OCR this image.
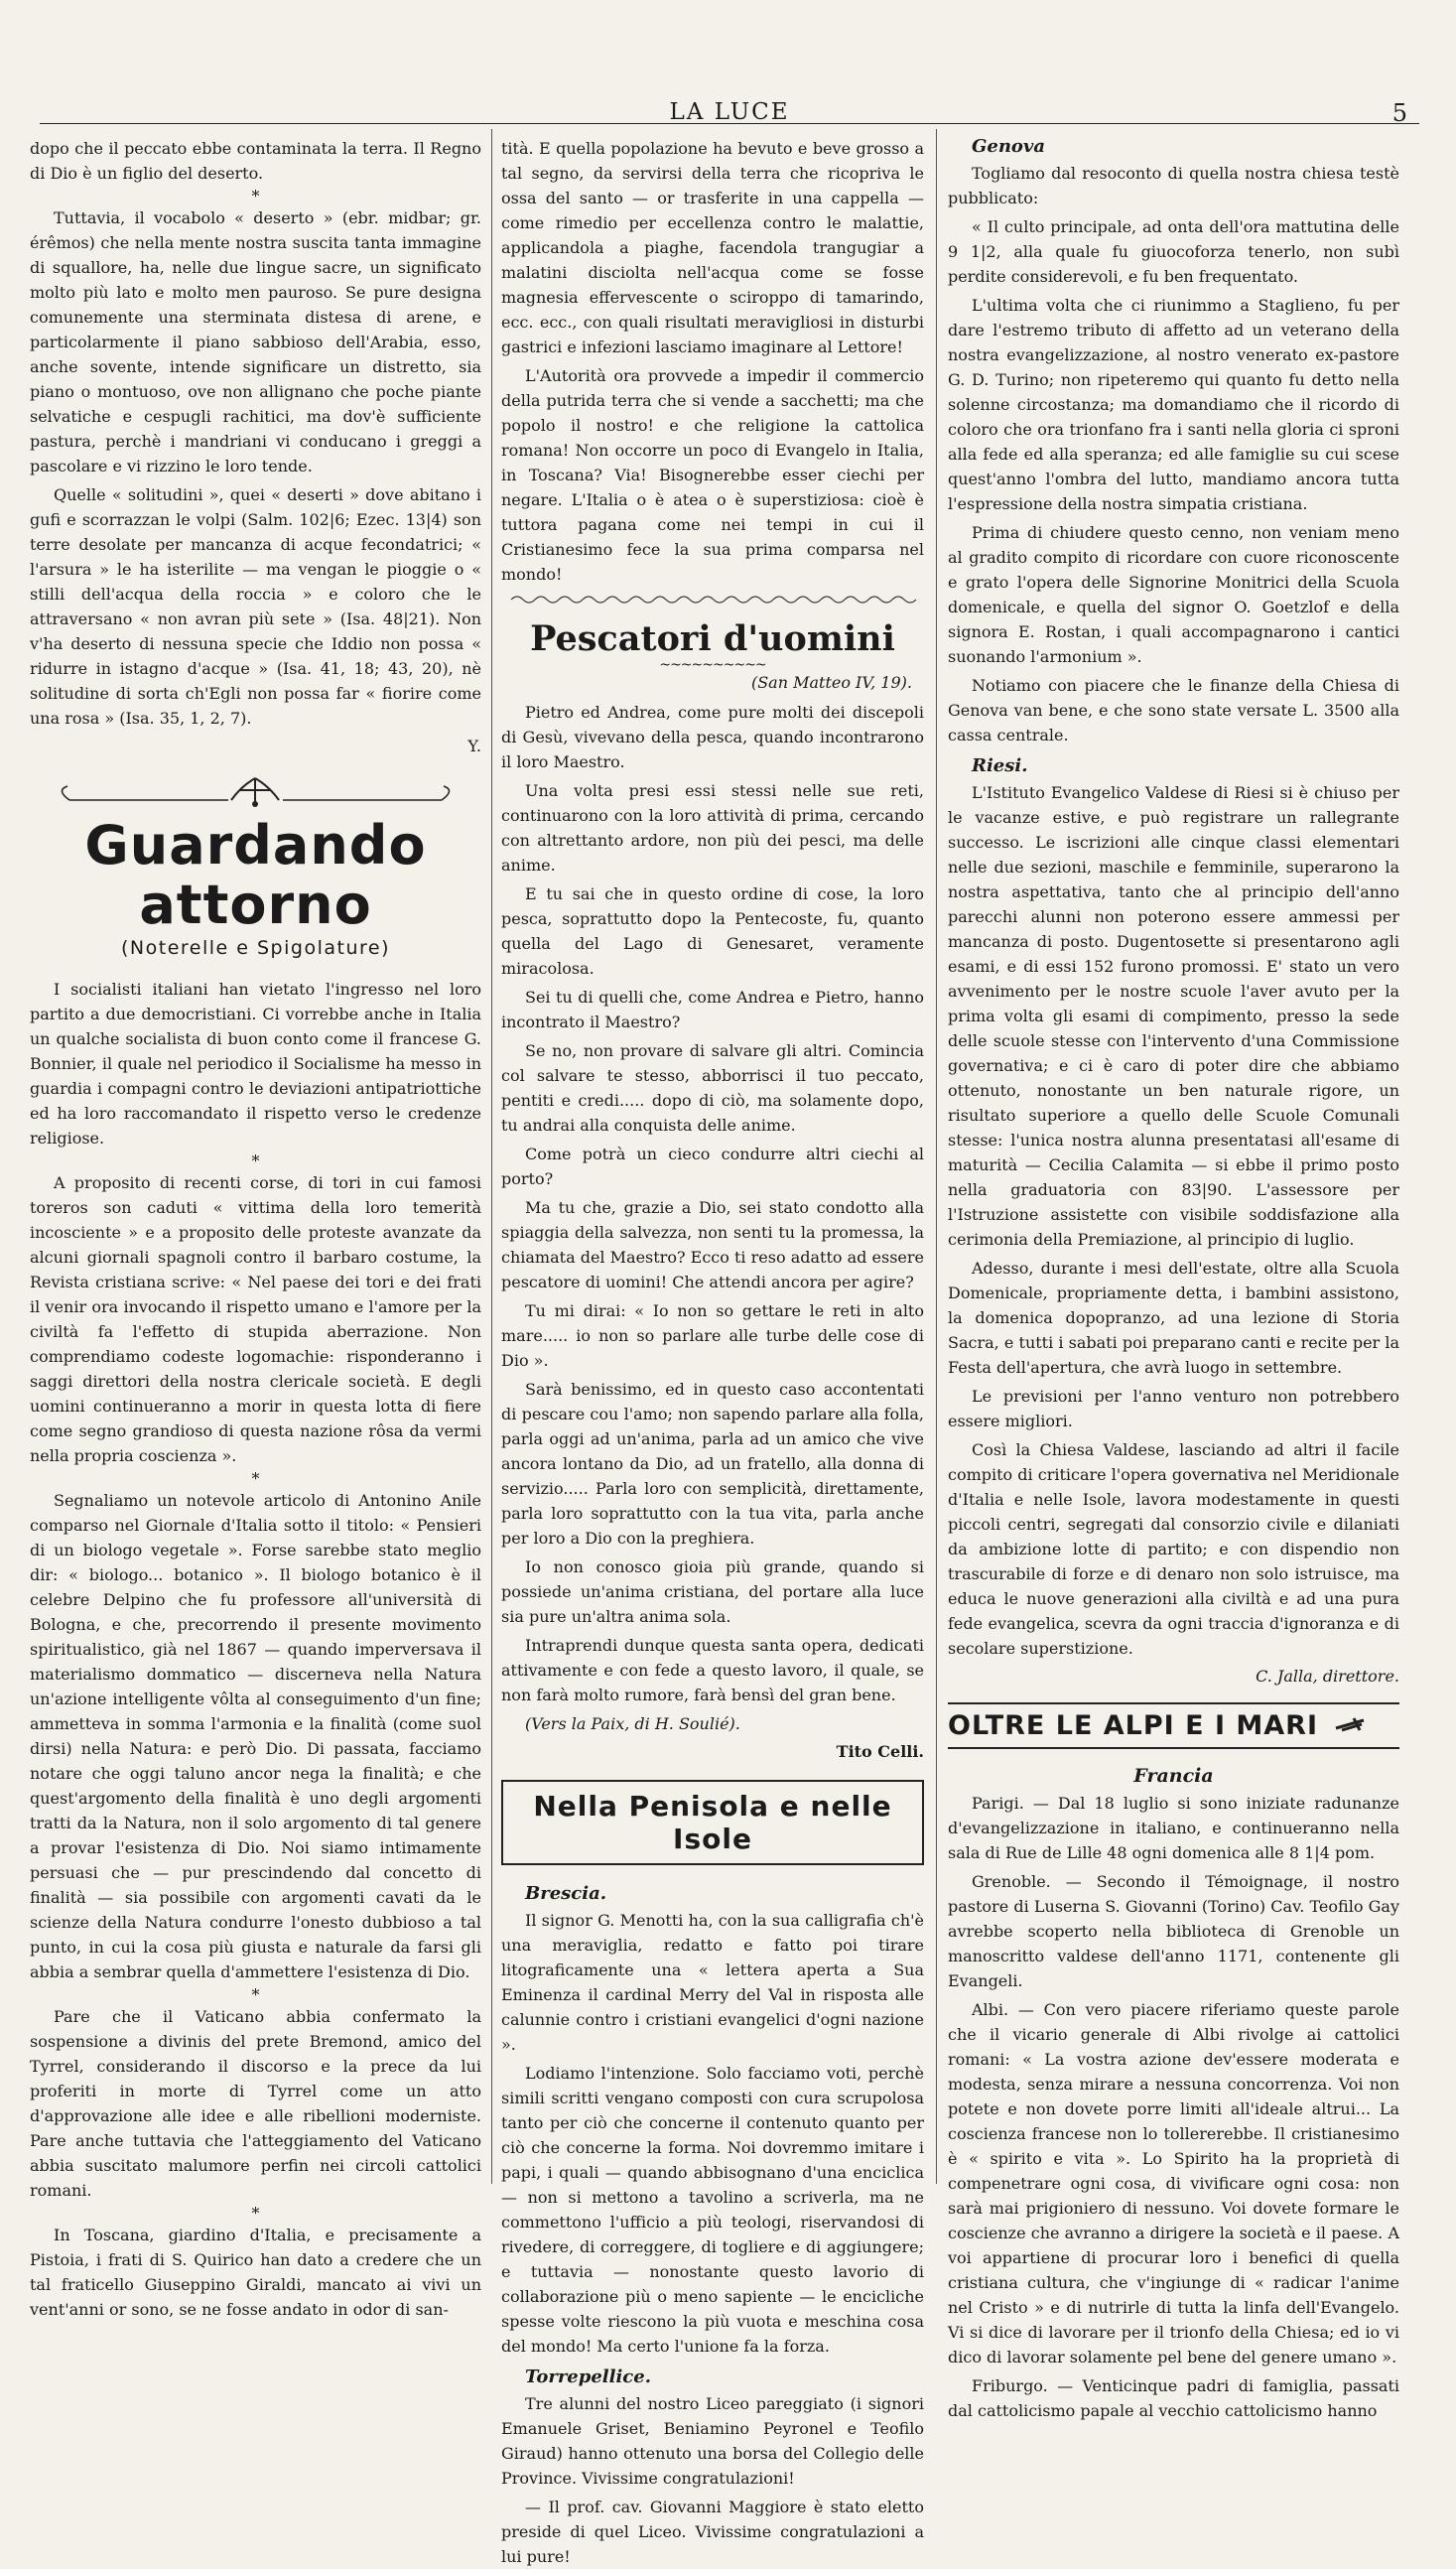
LA LUCE	5

dopo che il peccato ebbe contaminata la terra. Il Regno di Dio è un figlio del deserto.

*

Tuttavia, il vocabolo « deserto » (ebr. midbar; gr. érêmos) che nella mente nostra suscita tanta immagine di squallore, ha, nelle due lingue sacre, un significato molto più lato e molto men pauroso. Se pure designa comunemente una sterminata distesa di arene, e particolarmente il piano sabbioso dell'Arabia, esso, anche sovente, intende significare un distretto, sia piano o montuoso, ove non allignano che poche piante selvatiche e cespugli rachitici, ma dov'è sufficiente pastura, perchè i mandriani vi conducano i greggi a pascolare e vi rizzino le loro tende.

Quelle « solitudini », quei « deserti » dove abitano i gufi e scorrazzan le volpi (Salm. 102|6; Ezec. 13|4) son terre desolate per mancanza di acque fecondatrici; « l'arsura » le ha isterilite — ma vengan le pioggie o « stilli dell'acqua della roccia » e coloro che le attraversano « non avran più sete » (Isa. 48|21). Non v'ha deserto di nessuna specie che Iddio non possa « ridurre in istagno d'acque » (Isa. 41, 18; 43, 20), nè solitudine di sorta ch'Egli non possa far « fiorire come una rosa » (Isa. 35, 1, 2, 7).

Y.
Guardando attorno
(Noterelle e Spigolature)

I socialisti italiani han vietato l'ingresso nel loro partito a due democristiani. Ci vorrebbe anche in Italia un qualche socialista di buon conto come il francese G. Bonnier, il quale nel periodico il Socialisme ha messo in guardia i compagni contro le deviazioni antipatriottiche ed ha loro raccomandato il rispetto verso le credenze religiose.

*

A proposito di recenti corse, di tori in cui famosi toreros son caduti « vittima della loro temerità incosciente » e a proposito delle proteste avanzate da alcuni giornali spagnoli contro il barbaro costume, la Revista cristiana scrive: « Nel paese dei tori e dei frati il venir ora invocando il rispetto umano e l'amore per la civiltà fa l'effetto di stupida aberrazione. Non comprendiamo codeste logomachie: risponderanno i saggi direttori della nostra clericale società. E degli uomini continueranno a morir in questa lotta di fiere come segno grandioso di questa nazione rôsa da vermi nella propria coscienza ».

*

Segnaliamo un notevole articolo di Antonino Anile comparso nel Giornale d'Italia sotto il titolo: « Pensieri di un biologo vegetale ». Forse sarebbe stato meglio dir: « biologo... botanico ». Il biologo botanico è il celebre Delpino che fu professore all'università di Bologna, e che, precorrendo il presente movimento spiritualistico, già nel 1867 — quando imperversava il materialismo dommatico — discerneva nella Natura un'azione intelligente vôlta al conseguimento d'un fine; ammetteva in somma l'armonia e la finalità (come suol dirsi) nella Natura: e però Dio. Di passata, facciamo notare che oggi taluno ancor nega la finalità; e che quest'argomento della finalità è uno degli argomenti tratti da la Natura, non il solo argomento di tal genere a provar l'esistenza di Dio. Noi siamo intimamente persuasi che — pur prescindendo dal concetto di finalità — sia possibile con argomenti cavati da le scienze della Natura condurre l'onesto dubbioso a tal punto, in cui la cosa più giusta e naturale da farsi gli abbia a sembrar quella d'ammettere l'esistenza di Dio.

*

Pare che il Vaticano abbia confermato la sospensione a divinis del prete Bremond, amico del Tyrrel, considerando il discorso e la prece da lui proferiti in morte di Tyrrel come un atto d'approvazione alle idee e alle ribellioni moderniste. Pare anche tuttavia che l'atteggiamento del Vaticano abbia suscitato malumore perfin nei circoli cattolici romani.

*

In Toscana, giardino d'Italia, e precisamente a Pistoia, i frati di S. Quirico han dato a credere che un tal fraticello Giuseppino Giraldi, mancato ai vivi un vent'anni or sono, se ne fosse andato in odor di san-

tità. E quella popolazione ha bevuto e beve grosso a tal segno, da servirsi della terra che ricopriva le ossa del santo — or trasferite in una cappella — come rimedio per eccellenza contro le malattie, applicandola a piaghe, facendola trangugiar a malatini disciolta nell'acqua come se fosse magnesia effervescente o sciroppo di tamarindo, ecc. ecc., con quali risultati meravigliosi in disturbi gastrici e infezioni lasciamo imaginare al Lettore!

L'Autorità ora provvede a impedir il commercio della putrida terra che si vende a sacchetti; ma che popolo il nostro! e che religione la cattolica romana! Non occorre un poco di Evangelo in Italia, in Toscana? Via! Bisognerebbe esser ciechi per negare. L'Italia o è atea o è superstiziosa: cioè è tuttora pagana come nei tempi in cui il Cristianesimo fece la sua prima comparsa nel mondo!

Pescatori d'uomini
~~~~~~~~~~
(San Matteo IV, 19).

Pietro ed Andrea, come pure molti dei discepoli di Gesù, vivevano della pesca, quando incontrarono il loro Maestro.

Una volta presi essi stessi nelle sue reti, continuarono con la loro attività di prima, cercando con altrettanto ardore, non più dei pesci, ma delle anime.

E tu sai che in questo ordine di cose, la loro pesca, soprattutto dopo la Pentecoste, fu, quanto quella del Lago di Genesaret, veramente miracolosa.

Sei tu di quelli che, come Andrea e Pietro, hanno incontrato il Maestro?

Se no, non provare di salvare gli altri. Comincia col salvare te stesso, abborrisci il tuo peccato, pentiti e credi..... dopo di ciò, ma solamente dopo, tu andrai alla conquista delle anime.

Come potrà un cieco condurre altri ciechi al porto?

Ma tu che, grazie a Dio, sei stato condotto alla spiaggia della salvezza, non senti tu la promessa, la chiamata del Maestro? Ecco ti reso adatto ad essere pescatore di uomini! Che attendi ancora per agire?

Tu mi dirai: « Io non so gettare le reti in alto mare..... io non so parlare alle turbe delle cose di Dio ».

Sarà benissimo, ed in questo caso accontentati di pescare cou l'amo; non sapendo parlare alla folla, parla oggi ad un'anima, parla ad un amico che vive ancora lontano da Dio, ad un fratello, alla donna di servizio..... Parla loro con semplicità, direttamente, parla loro soprattutto con la tua vita, parla anche per loro a Dio con la preghiera.

Io non conosco gioia più grande, quando si possiede un'anima cristiana, del portare alla luce sia pure un'altra anima sola.

Intraprendi dunque questa santa opera, dedicati attivamente e con fede a questo lavoro, il quale, se non farà molto rumore, farà bensì del gran bene.

(Vers la Paix, di H. Soulié).

Tito Celli.
Nella Penisola e nelle Isole
Brescia.

Il signor G. Menotti ha, con la sua calligrafia ch'è una meraviglia, redatto e fatto poi tirare litograficamente una « lettera aperta a Sua Eminenza il cardinal Merry del Val in risposta alle calunnie contro i cristiani evangelici d'ogni nazione ».

Lodiamo l'intenzione. Solo facciamo voti, perchè simili scritti vengano composti con cura scrupolosa tanto per ciò che concerne il contenuto quanto per ciò che concerne la forma. Noi dovremmo imitare i papi, i quali — quando abbisognano d'una enciclica — non si mettono a tavolino a scriverla, ma ne commettono l'ufficio a più teologi, riservandosi di rivedere, di correggere, di togliere e di aggiungere; e tuttavia — nonostante questo lavorio di collaborazione più o meno sapiente — le encicliche spesse volte riescono la più vuota e meschina cosa del mondo! Ma certo l'unione fa la forza.

Torrepellice.

Tre alunni del nostro Liceo pareggiato (i signori Emanuele Griset, Beniamino Peyronel e Teofilo Giraud) hanno ottenuto una borsa del Collegio delle Province. Vivissime congratulazioni!

— Il prof. cav. Giovanni Maggiore è stato eletto preside di quel Liceo. Vivissime congratulazioni a lui pure!

Genova

Togliamo dal resoconto di quella nostra chiesa testè pubblicato:

« Il culto principale, ad onta dell'ora mattutina delle 9 1|2, alla quale fu giuocoforza tenerlo, non subì perdite considerevoli, e fu ben frequentato.

L'ultima volta che ci riunimmo a Staglieno, fu per dare l'estremo tributo di affetto ad un veterano della nostra evangelizzazione, al nostro venerato ex-pastore G. D. Turino; non ripeteremo qui quanto fu detto nella solenne circostanza; ma domandiamo che il ricordo di coloro che ora trionfano fra i santi nella gloria ci sproni alla fede ed alla speranza; ed alle famiglie su cui scese quest'anno l'ombra del lutto, mandiamo ancora tutta l'espressione della nostra simpatia cristiana.

Prima di chiudere questo cenno, non veniam meno al gradito compito di ricordare con cuore riconoscente e grato l'opera delle Signorine Monitrici della Scuola domenicale, e quella del signor O. Goetzlof e della signora E. Rostan, i quali accompagnarono i cantici suonando l'armonium ».

Notiamo con piacere che le finanze della Chiesa di Genova van bene, e che sono state versate L. 3500 alla cassa centrale.

Riesi.

L'Istituto Evangelico Valdese di Riesi si è chiuso per le vacanze estive, e può registrare un rallegrante successo. Le iscrizioni alle cinque classi elementari nelle due sezioni, maschile e femminile, superarono la nostra aspettativa, tanto che al principio dell'anno parecchi alunni non poterono essere ammessi per mancanza di posto. Dugentosette si presentarono agli esami, e di essi 152 furono promossi. E' stato un vero avvenimento per le nostre scuole l'aver avuto per la prima volta gli esami di compimento, presso la sede delle scuole stesse con l'intervento d'una Commissione governativa; e ci è caro di poter dire che abbiamo ottenuto, nonostante un ben naturale rigore, un risultato superiore a quello delle Scuole Comunali stesse: l'unica nostra alunna presentatasi all'esame di maturità — Cecilia Calamita — si ebbe il primo posto nella graduatoria con 83|90. L'assessore per l'Istruzione assistette con visibile soddisfazione alla cerimonia della Premiazione, al principio di luglio.

Adesso, durante i mesi dell'estate, oltre alla Scuola Domenicale, propriamente detta, i bambini assistono, la domenica dopopranzo, ad una lezione di Storia Sacra, e tutti i sabati poi preparano canti e recite per la Festa dell'apertura, che avrà luogo in settembre.

Le previsioni per l'anno venturo non potrebbero essere migliori.

Così la Chiesa Valdese, lasciando ad altri il facile compito di criticare l'opera governativa nel Meridionale d'Italia e nelle Isole, lavora modestamente in questi piccoli centri, segregati dal consorzio civile e dilaniati da ambizione lotte di partito; e con dispendio non trascurabile di forze e di denaro non solo istruisce, ma educa le nuove generazioni alla civiltà e ad una pura fede evangelica, scevra da ogni traccia d'ignoranza e di secolare superstizione.

C. Jalla, direttore.
OLTRE LE ALPI E I MARI
Francia

Parigi. — Dal 18 luglio si sono iniziate radunanze d'evangelizzazione in italiano, e continueranno nella sala di Rue de Lille 48 ogni domenica alle 8 1|4 pom.

Grenoble. — Secondo il Témoignage, il nostro pastore di Luserna S. Giovanni (Torino) Cav. Teofilo Gay avrebbe scoperto nella biblioteca di Grenoble un manoscritto valdese dell'anno 1171, contenente gli Evangeli.

Albi. — Con vero piacere riferiamo queste parole che il vicario generale di Albi rivolge ai cattolici romani: « La vostra azione dev'essere moderata e modesta, senza mirare a nessuna concorrenza. Voi non potete e non dovete porre limiti all'ideale altrui... La coscienza francese non lo tollererebbe. Il cristianesimo è « spirito e vita ». Lo Spirito ha la proprietà di compenetrare ogni cosa, di vivificare ogni cosa: non sarà mai prigioniero di nessuno. Voi dovete formare le coscienze che avranno a dirigere la società e il paese. A voi appartiene di procurar loro i benefici di quella cristiana cultura, che v'ingiunge di « radicar l'anime nel Cristo » e di nutrirle di tutta la linfa dell'Evangelo. Vi si dice di lavorare per il trionfo della Chiesa; ed io vi dico di lavorar solamente pel bene del genere umano ».

Friburgo. — Venticinque padri di famiglia, passati dal cattolicismo papale al vecchio cattolicismo hanno
